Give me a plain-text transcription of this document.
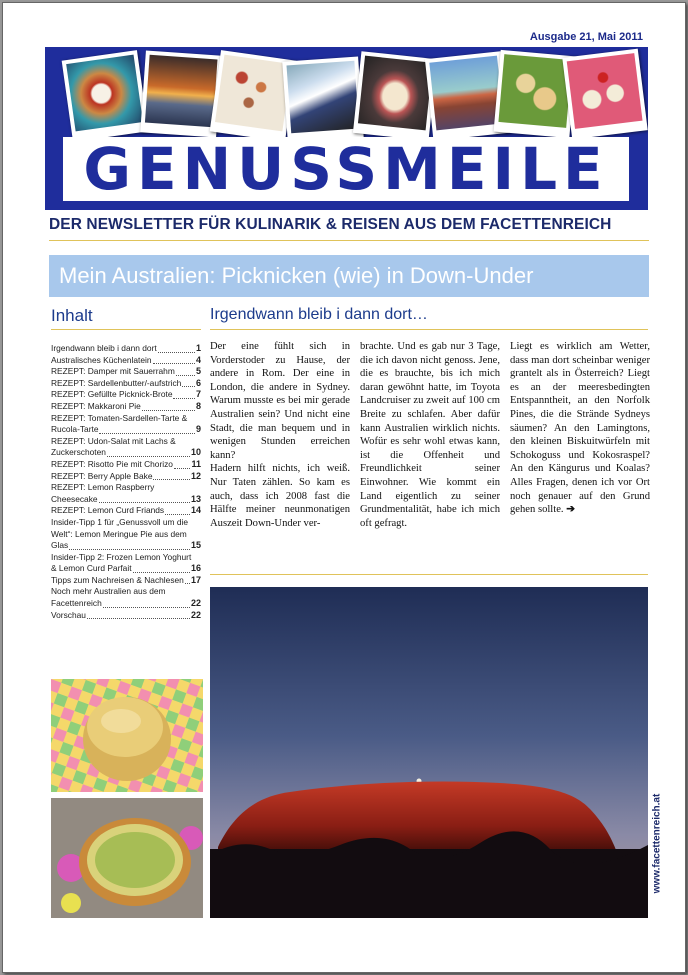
Ausgabe 21, Mai 2011
GENUSSMEILE
DER NEWSLETTER FÜR KULINARIK & REISEN AUS DEM FACETTENREICH
Mein Australien: Picknicken (wie) in Down-Under
Inhalt	Irgendwann bleib i dann dort…
Irgendwann bleib i dann dort	1
Australisches Küchenlatein	4
REZEPT: Damper mit Sauerrahm 5
REZEPT: Sardellenbutter/-aufstrich 6
REZEPT: Gefüllte Picknick-Brote	7
REZEPT: Makkaroni Pie	8
REZEPT: Tomaten-Sardellen-Tarte &
Rucola-Tarte	9
REZEPT: Udon-Salat mit Lachs &
Zuckerschoten	10
REZEPT: Risotto Pie mit Chorizo 11
REZEPT: Berry Apple Bake	12
REZEPT: Lemon Raspberry
Cheesecake	13
REZEPT: Lemon Curd Friands	14
Insider-Tipp 1 für „Genussvoll um die Welt“: Lemon Meringue Pie aus dem
Glas	15
Insider-Tipp 2: Frozen Lemon Yoghurt
& Lemon Curd Parfait	16
Tipps zum Nachreisen & Nachlesen 17
Noch mehr Australien aus dem
Facettenreich	22
Vorschau	22
Der eine fühlt sich in Vorderstoder zu Hause, der andere in Rom. Der eine in London, die andere in Sydney. Warum musste es bei mir gerade Australien sein? Und nicht eine Stadt, die man bequem und in wenigen Stunden erreichen kann?
Hadern hilft nichts, ich weiß. Nur Taten zählen. So kam es auch, dass ich 2008 fast die Hälfte meiner neunmonatigen Auszeit Down-Under ver-
brachte. Und es gab nur 3 Tage, die ich davon nicht genoss. Jene, die es brauchte, bis ich mich daran gewöhnt hatte, im Toyota Landcruiser zu zweit auf 100 cm Breite zu schlafen. Aber dafür kann Australien wirklich nichts. Wofür es sehr wohl etwas kann, ist die Offenheit und Freundlichkeit seiner Einwohner. Wie kommt ein Land eigentlich zu seiner Grundmentalität, habe ich mich oft gefragt.
Liegt es wirklich am Wetter, dass man dort scheinbar weniger grantelt als in Österreich? Liegt es an der meeresbedingten Entspanntheit, an den Norfolk Pines, die die Strände Sydneys säumen? An den Lamingtons, den kleinen Biskuitwürfeln mit Schokoguss und Kokosraspel? An den Kängurus und Koalas? Alles Fragen, denen ich vor Ort noch genauer auf den Grund gehen sollte. ➔
www.facettenreich.at
